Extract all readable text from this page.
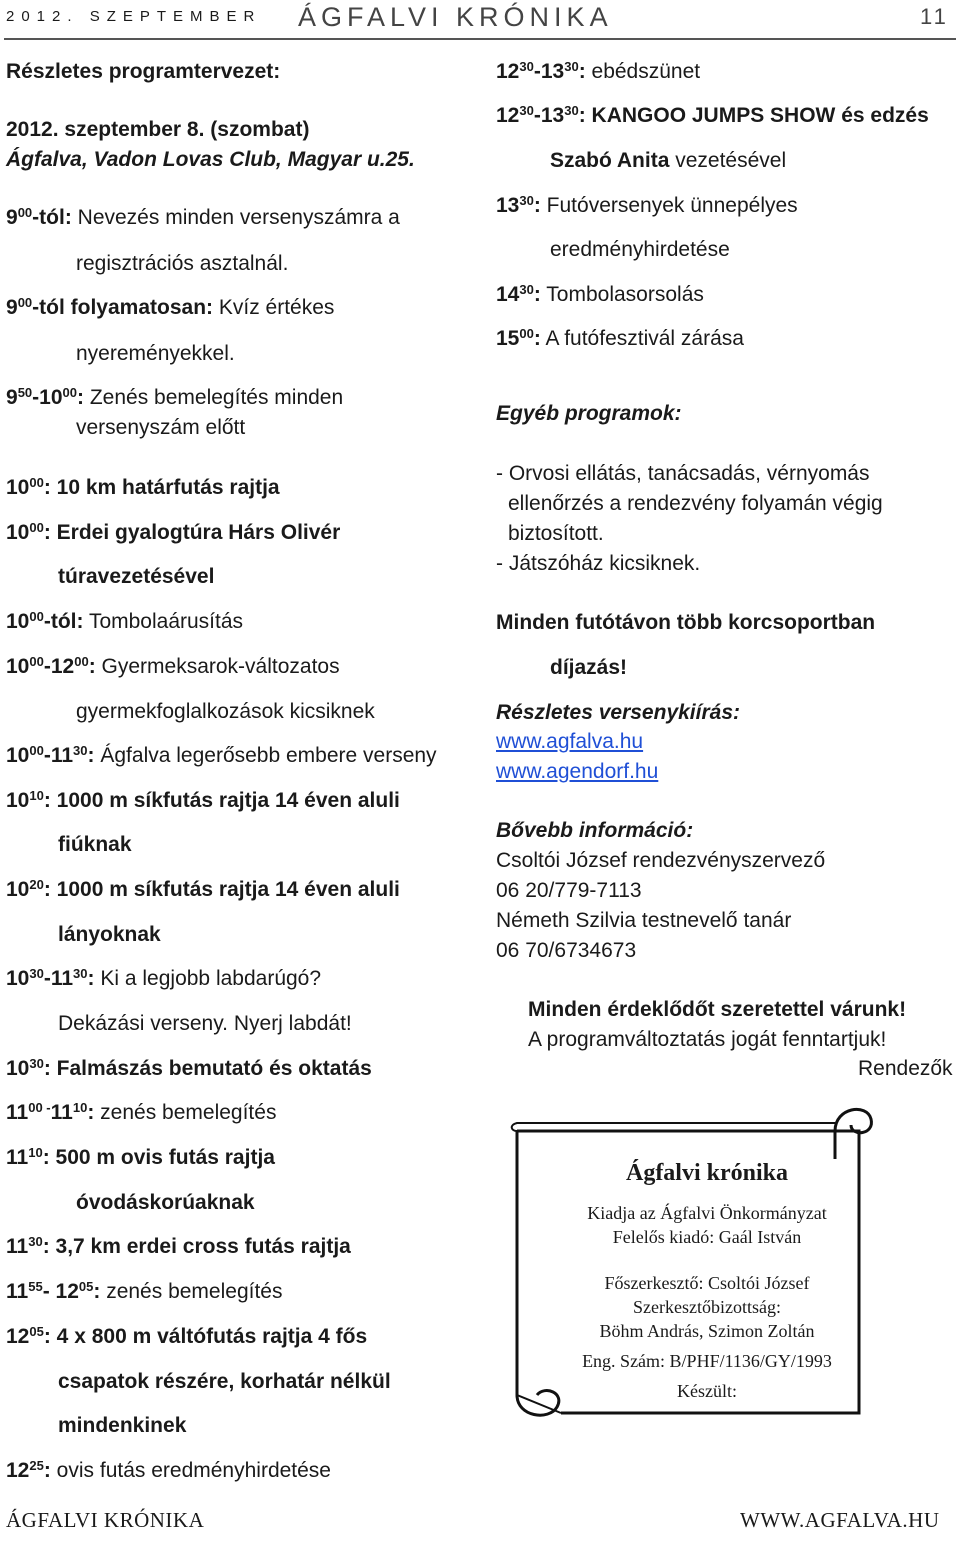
2012. SZEPTEMBER ÁGFALVI KRÓNIKA	11
Részletes programtervezet:
2012. szeptember 8. (szombat)
Ágfalva, Vadon Lovas Club, Magyar u.25.
$9^{00}$-tól: Nevezés minden versenyszámra a
regisztrációs asztalnál.
$9^{00}$-tól folyamatosan: Kvíz értékes
nyereményekkel.
$9^{50}-10^{00}$: Zenés bemelegítés minden
versenyszám előtt
$10^{00}$: 10 km határfutás rajtja
$10^{00}$: Erdei gyalogtúra Hárs Olivér
túravezetésével
$10^{00}$-tól: Tombolaárusítás
$10^{00}-12^{00}$: Gyermeksarok-változatos
gyermekfoglalkozások kicsiknek
$10^{00}-11^{30}$: Ágfalva legerősebb embere verseny
$10^{10}$: 1000 m síkfutás rajtja 14 éven aluli
fiúknak
$10^{20}$: 1000 m síkfutás rajtja 14 éven aluli
lányoknak
$10^{30}-11^{30}$: Ki a legjobb labdarúgó?
Dekázási verseny. Nyerj labdát!
$10^{30}$: Falmászás bemutató és oktatás
$11^{00 -}11^{10}$: zenés bemelegítés
$11^{10}$: 500 m ovis futás rajtja
óvodáskorúaknak
$11^{30}$: 3,7 km erdei cross futás rajtja
$11^{55}-$ $12^{05}$: zenés bemelegítés
$12^{05}$: 4 x 800 m váltófutás rajtja 4 fős
csapatok részére, korhatár nélkül
mindenkinek
$12^{25}$: ovis futás eredményhirdetése
$12^{30}-13^{30}$: ebédszünet
$12^{30}-13^{30}$: KANGOO JUMPS SHOW és edzés
Szabó Anita vezetésével
$13^{30}$: Futóversenyek ünnepélyes
eredményhirdetése
$14^{30}$: Tombolasorsolás
$15^{00}$: A futófesztivál zárása
Egyéb programok:
- Orvosi ellátás, tanácsadás, vérnyomás
ellenőrzés a rendezvény folyamán végig
biztosított.
- Játszóház kicsiknek.
Minden futótávon több korcsoportban
díjazás!
Részletes versenykiírás:
www.agfalva.hu
www.agendorf.hu
Bővebb információ:
Csoltói József rendezvényszervező
06 20/779-7113
Németh Szilvia testnevelő tanár
06 70/6734673
Minden érdeklődőt szeretettel várunk!
A programváltoztatás jogát fenntartjuk!
Rendezők
Ágfalvi krónika
Kiadja az Ágfalvi Önkormányzat
Felelős kiadó: Gaál István
Főszerkesztő: Csoltói József
Szerkesztőbizottság:
Böhm András, Szimon Zoltán
Eng. Szám: B/PHF/1136/GY/1993
Készült:
ÁGFALVI KRÓNIKA	WWW.AGFALVA.HU
